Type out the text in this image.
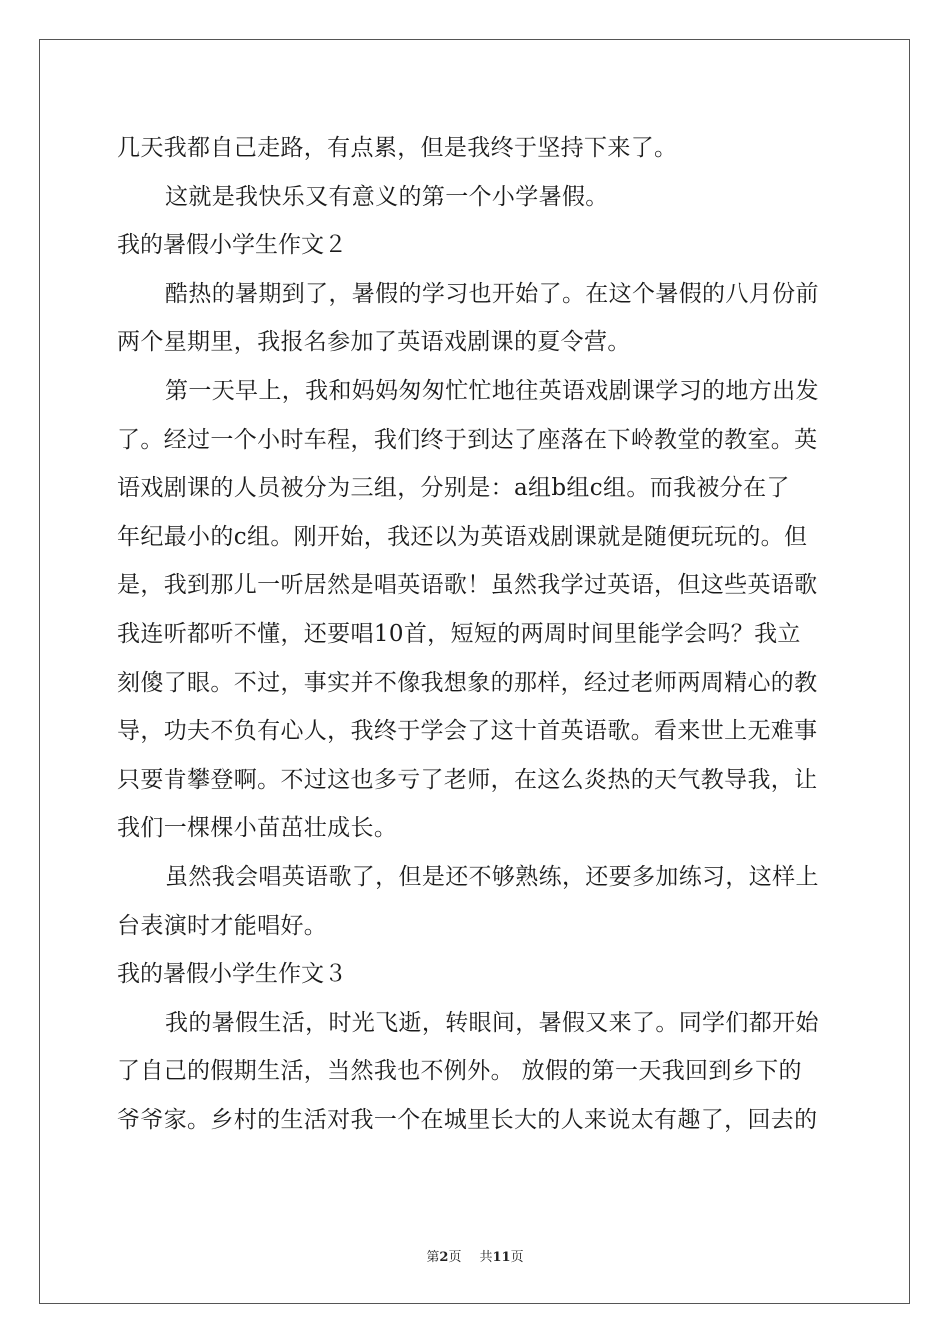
几天我都自己走路，有点累，但是我终于坚持下来了。
这就是我快乐又有意义的第一个小学暑假。
我的暑假小学生作文２
酷热的暑期到了，暑假的学习也开始了。在这个暑假的八月份前
两个星期里，我报名参加了英语戏剧课的夏令营。
第一天早上，我和妈妈匆匆忙忙地往英语戏剧课学习的地方出发
了。经过一个小时车程，我们终于到达了座落在下岭教堂的教室。英
语戏剧课的人员被分为三组，分别是：a组b组c组。而我被分在了
年纪最小的c组。刚开始，我还以为英语戏剧课就是随便玩玩的。但
是，我到那儿一听居然是唱英语歌！虽然我学过英语，但这些英语歌
我连听都听不懂，还要唱10首，短短的两周时间里能学会吗？我立
刻傻了眼。不过，事实并不像我想象的那样，经过老师两周精心的教
导，功夫不负有心人，我终于学会了这十首英语歌。看来世上无难事
只要肯攀登啊。不过这也多亏了老师，在这么炎热的天气教导我，让
我们一棵棵小苗茁壮成长。
虽然我会唱英语歌了，但是还不够熟练，还要多加练习，这样上
台表演时才能唱好。
我的暑假小学生作文３
我的暑假生活，时光飞逝，转眼间，暑假又来了。同学们都开始
了自己的假期生活，当然我也不例外。 放假的第一天我回到乡下的
爷爷家。乡村的生活对我一个在城里长大的人来说太有趣了，回去的
第2页 共11页
